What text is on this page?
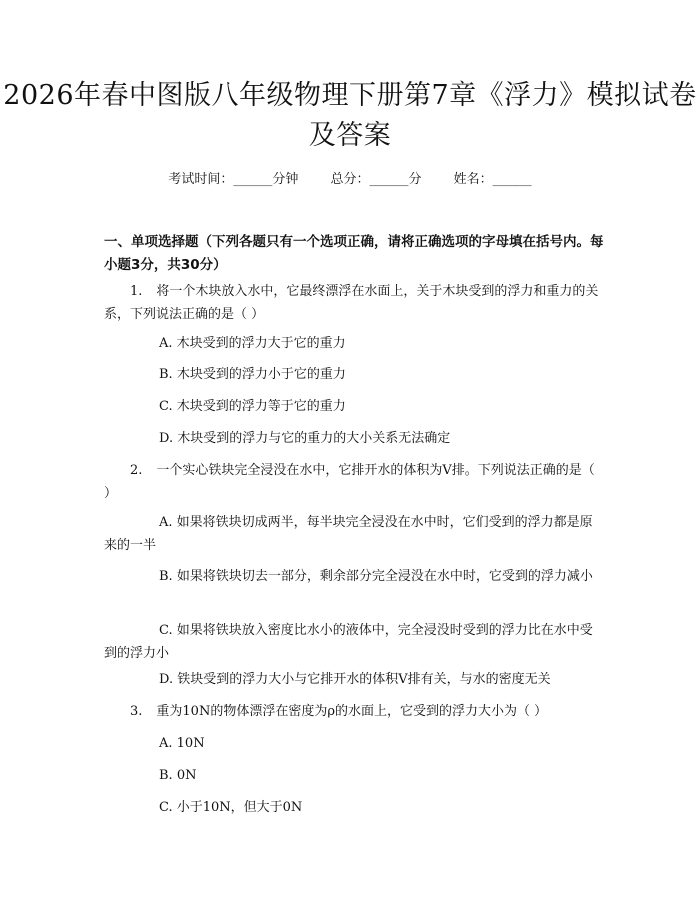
2026年春中图版八年级物理下册第7章《浮力》模拟试卷及答案
考试时间：______分钟 总分：______分 姓名：______
一、单项选择题（下列各题只有一个选项正确，请将正确选项的字母填在括号内。每小题3分，共30分）
1. 将一个木块放入水中，它最终漂浮在水面上，关于木块受到的浮力和重力的关系，下列说法正确的是（ ）
A. 木块受到的浮力大于它的重力
B. 木块受到的浮力小于它的重力
C. 木块受到的浮力等于它的重力
D. 木块受到的浮力与它的重力的大小关系无法确定
2. 一个实心铁块完全浸没在水中，它排开水的体积为V排。下列说法正确的是（ ）
A. 如果将铁块切成两半，每半块完全浸没在水中时，它们受到的浮力都是原来的一半
B. 如果将铁块切去一部分，剩余部分完全浸没在水中时，它受到的浮力减小
C. 如果将铁块放入密度比水小的液体中，完全浸没时受到的浮力比在水中受到的浮力小
D. 铁块受到的浮力大小与它排开水的体积V排有关，与水的密度无关
3. 重为10N的物体漂浮在密度为ρ的水面上，它受到的浮力大小为（ ）
A. 10N
B. 0N
C. 小于10N，但大于0N
